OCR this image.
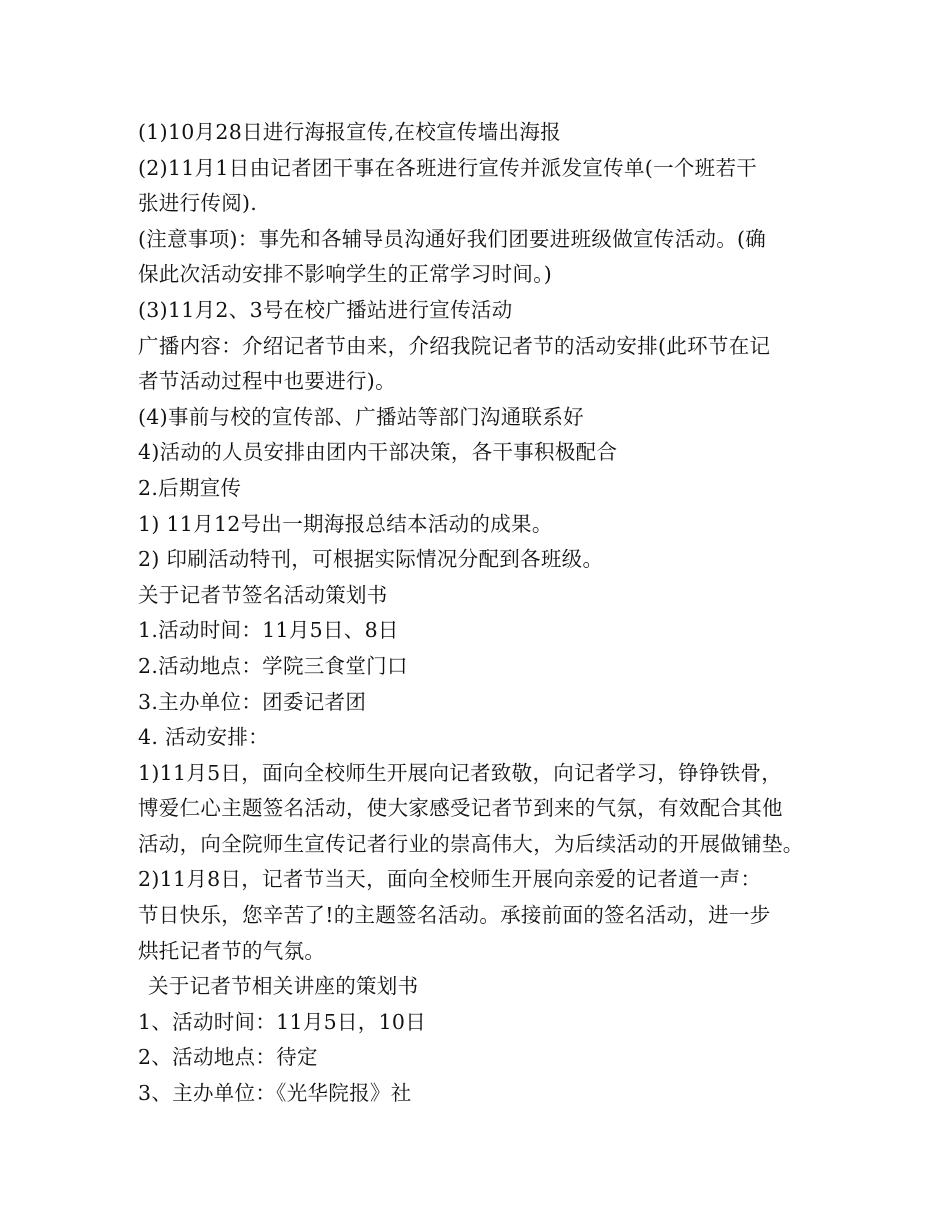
(1)10月28日进行海报宣传,在校宣传墙出海报
(2)11月1日由记者团干事在各班进行宣传并派发宣传单(一个班若干
张进行传阅).
(注意事项)：事先和各辅导员沟通好我们团要进班级做宣传活动。(确
保此次活动安排不影响学生的正常学习时间。)
(3)11月2、3号在校广播站进行宣传活动
广播内容：介绍记者节由来，介绍我院记者节的活动安排(此环节在记
者节活动过程中也要进行)。
(4)事前与校的宣传部、广播站等部门沟通联系好
4)活动的人员安排由团内干部决策，各干事积极配合
2.后期宣传
1) 11月12号出一期海报总结本活动的成果。
2) 印刷活动特刊，可根据实际情况分配到各班级。
关于记者节签名活动策划书
1.活动时间：11月5日、8日
2.活动地点：学院三食堂门口
3.主办单位：团委记者团
4. 活动安排：
1)11月5日，面向全校师生开展向记者致敬，向记者学习，铮铮铁骨，
博爱仁心主题签名活动，使大家感受记者节到来的气氛，有效配合其他
活动，向全院师生宣传记者行业的崇高伟大，为后续活动的开展做铺垫。
2)11月8日，记者节当天，面向全校师生开展向亲爱的记者道一声：
节日快乐，您辛苦了!的主题签名活动。承接前面的签名活动，进一步
烘托记者节的气氛。
关于记者节相关讲座的策划书
1、活动时间：11月5日，10日
2、活动地点：待定
3、主办单位：《光华院报》社
